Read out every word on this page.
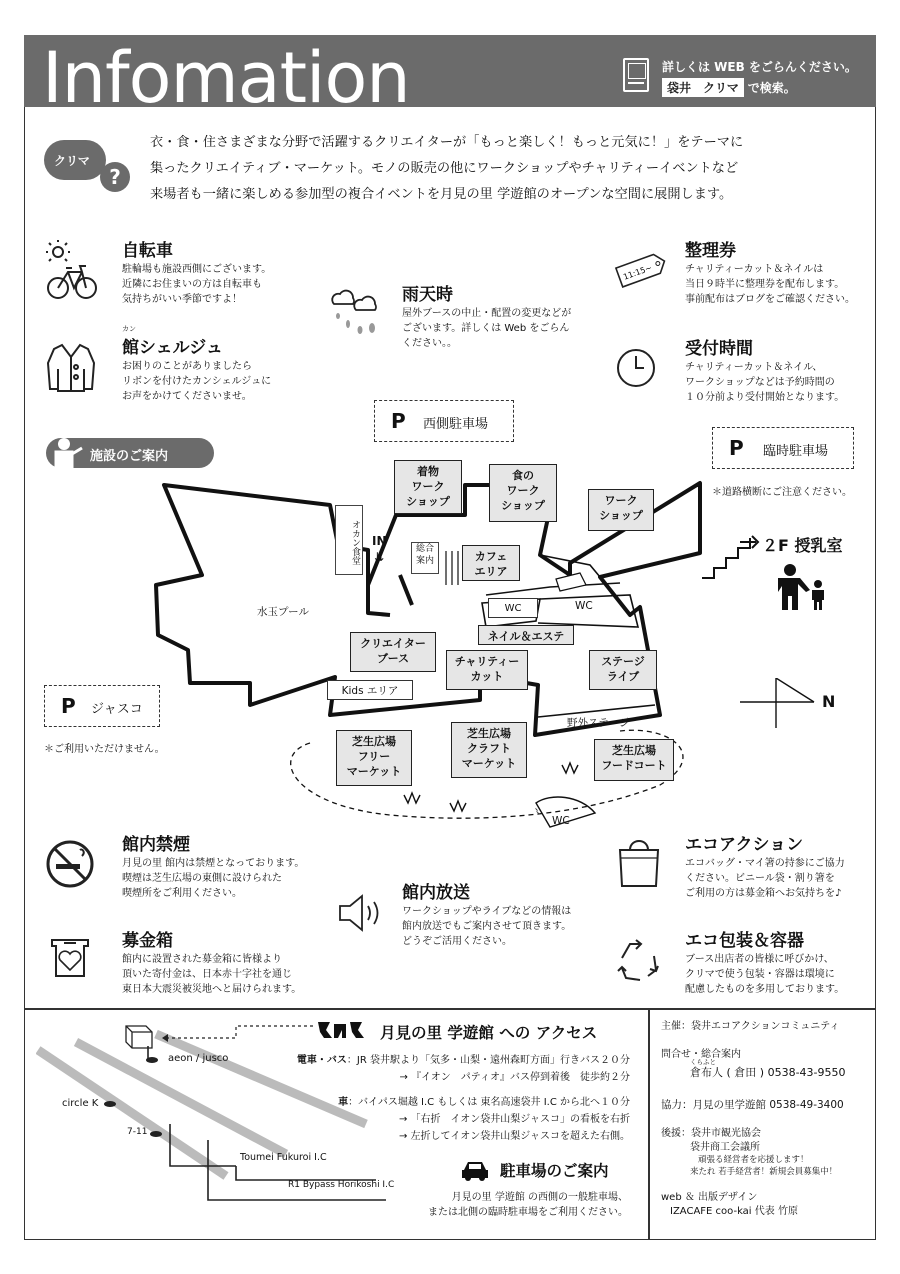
Infomation	詳しくは WEB をごらんください。
袋井　クリマ で検索。
クリマ
?
衣・食・住さまざまな分野で活躍するクリエイターが「もっと楽しく！もっと元気に！」をテーマに
集ったクリエイティブ・マーケット。モノの販売の他にワークショップやチャリティーイベントなど
来場者も一緒に楽しめる参加型の複合イベントを月見の里 学遊館のオープンな空間に展開します。
自転車
駐輪場も施設西側にございます。
近隣にお住まいの方は自転車も
気持ちがいい季節ですよ！
カン
館シェルジュ
お困りのことがありましたら
リボンを付けたカンシェルジュに
お声をかけてくださいませ。
雨天時
屋外ブースの中止・配置の変更などが
ございます。詳しくは Web をごらん
ください。。
11:15~
整理券
チャリティーカット＆ネイルは
当日９時半に整理券を配布します。
事前配布はブログをご確認ください。
受付時間
チャリティーカット＆ネイル、
ワークショップなどは予約時間の
１０分前より受付開始となります。
P 西側駐車場
P 臨時駐車場
＊道路横断にご注意ください。
P ジャスコ
＊ご利用いただけません。
施設のご案内
⌇
オカン食堂 IN
⇊
総合
案内
水玉プール	WC	WC
WC
Kids エリア
野外ステージ
着物
ワーク
ショップ
食の
ワーク
ショップ	ワーク
ショップ
カフェ
エリア
ネイル＆エステ
クリエイター
ブース	チャリティー
カット
ステージ
ライブ
芝生広場
フリー
マーケット
芝生広場
クラフト
マーケット
芝生広場
フードコート
２F 授乳室
N
館内禁煙
月見の里 館内は禁煙となっております。
喫煙は芝生広場の東側に設けられた
喫煙所をご利用ください。	館内放送
ワークショップやライブなどの情報は
館内放送でもご案内させて頂きます。
どうぞご活用ください。
募金箱
館内に設置された募金箱に皆様より
頂いた寄付金は、日本赤十字社を通じ
東日本大震災被災地へと届けられます。
エコアクション
エコバッグ・マイ箸の持参にご協力
ください。ビニール袋・割り箸を
ご利用の方は募金箱へお気持ちを♪
エコ包装＆容器
ブース出店者の皆様に呼びかけ、
クリマで使う包装・容器は環境に
配慮したものを多用しております。
aeon / jusco
circle K
7-11
Toumei Fukuroi I.C
R1 Bypass Horikoshi I.C
月見の里 学遊館 への アクセス
電車・バス：JR 袋井駅より「気多・山梨・遠州森町方面」行きバス２０分
→ 『イオン　パティオ』バス停到着後　徒歩約２分
車：バイパス堀越 I.C もしくは 東名高速袋井 I.C から北へ１０分
→ 「右折　イオン袋井山梨ジャスコ」の看板を右折
→ 左折してイオン袋井山梨ジャスコを超えた右側。
駐車場のご案内
月見の里 学遊館 の西側の一般駐車場、
または北側の臨時駐車場をご利用ください。
主催：袋井エコアクションコミュニティ
問合せ・総合案内
くらふと
倉布人 ( 倉田 ) 0538-43-9550
協力：月見の里学遊館 0538-49-3400
後援：袋井市観光協会
袋井商工会議所
頑張る経営者を応援します！
来たれ 若手経営者！新規会員募集中！
web ＆ 出版デザイン
IZACAFE coo-kai 代表 竹原
